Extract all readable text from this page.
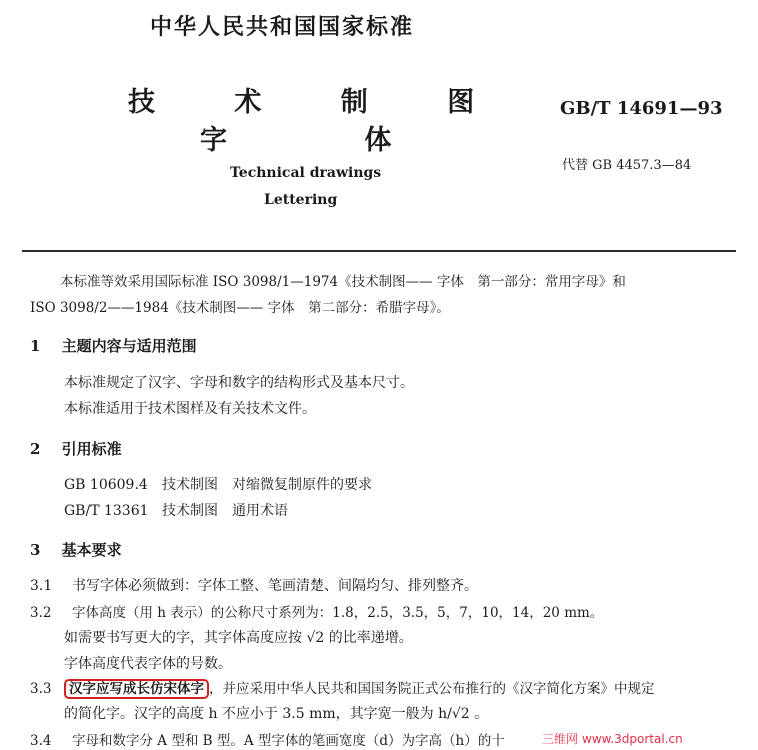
中华人民共和国国家标准
技 术 制 图
字 体
GB/T 14691—93
代替 GB 4457.3—84
Technical drawings
Lettering
本标准等效采用国际标准 ISO 3098/1—1974《技术制图—— 字体　第一部分：常用字母》和
ISO 3098/2——1984《技术制图—— 字体　第二部分：希腊字母》。
1 主题内容与适用范围
本标准规定了汉字、字母和数字的结构形式及基本尺寸。
本标准适用于技术图样及有关技术文件。
2 引用标准
GB 10609.4 技术制图　对缩微复制原件的要求
GB/T 13361 技术制图　通用术语
3 基本要求
3.1 书写字体必须做到：字体工整、笔画清楚、间隔均匀、排列整齐。
3.2 字体高度（用 h 表示）的公称尺寸系列为：1.8，2.5，3.5，5，7，10，14，20 mm。
如需要书写更大的字，其字体高度应按 √2 的比率递增。
字体高度代表字体的号数。
3.3 汉字应写成长仿宋体字 ，并应采用中华人民共和国国务院正式公布推行的《汉字简化方案》中规定
的简化字。汉字的高度 h 不应小于 3.5 mm，其字宽一般为 h/√2 。
3.4 字母和数字分 A 型和 B 型。A 型字体的笔画宽度（d）为字高（h）的十	三维网 www.3dportal.cn
